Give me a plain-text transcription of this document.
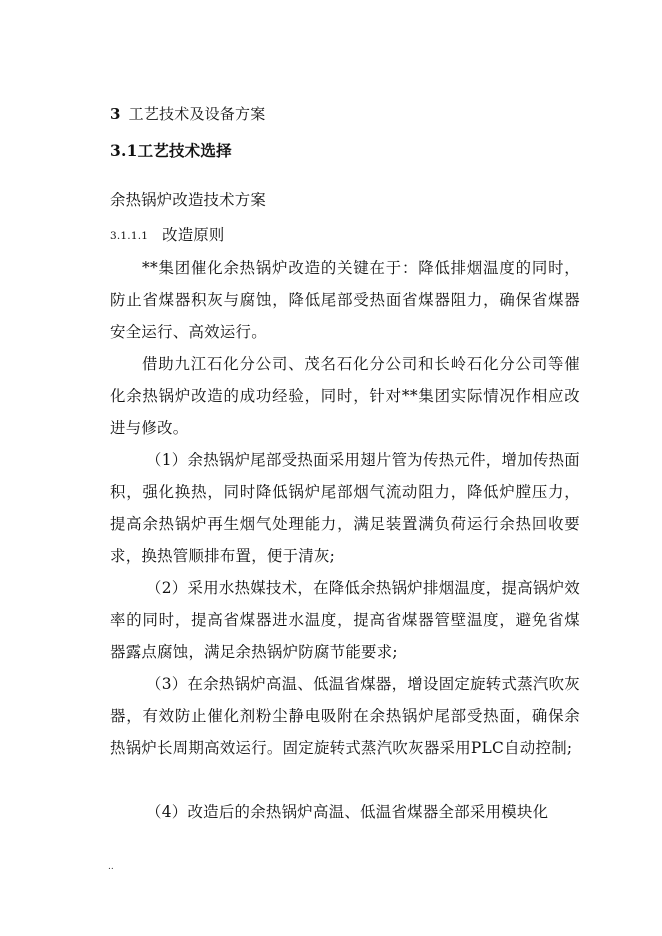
3 工艺技术及设备方案
3.1工艺技术选择
余热锅炉改造技术方案
3.1.1.1 改造原则
**集团催化余热锅炉改造的关键在于：降低排烟温度的同时，防止省煤器积灰与腐蚀，降低尾部受热面省煤器阻力，确保省煤器安全运行、高效运行。
借助九江石化分公司、茂名石化分公司和长岭石化分公司等催化余热锅炉改造的成功经验，同时，针对**集团实际情况作相应改进与修改。
（1）余热锅炉尾部受热面采用翅片管为传热元件，增加传热面积，强化换热，同时降低锅炉尾部烟气流动阻力，降低炉膛压力，提高余热锅炉再生烟气处理能力，满足装置满负荷运行余热回收要求，换热管顺排布置，便于清灰;
（2）采用水热媒技术，在降低余热锅炉排烟温度，提高锅炉效率的同时，提高省煤器进水温度，提高省煤器管壁温度，避免省煤器露点腐蚀，满足余热锅炉防腐节能要求;
（3）在余热锅炉高温、低温省煤器，增设固定旋转式蒸汽吹灰器，有效防止催化剂粉尘静电吸附在余热锅炉尾部受热面，确保余热锅炉长周期高效运行。固定旋转式蒸汽吹灰器采用PLC自动控制;
（4）改造后的余热锅炉高温、低温省煤器全部采用模块化
..
